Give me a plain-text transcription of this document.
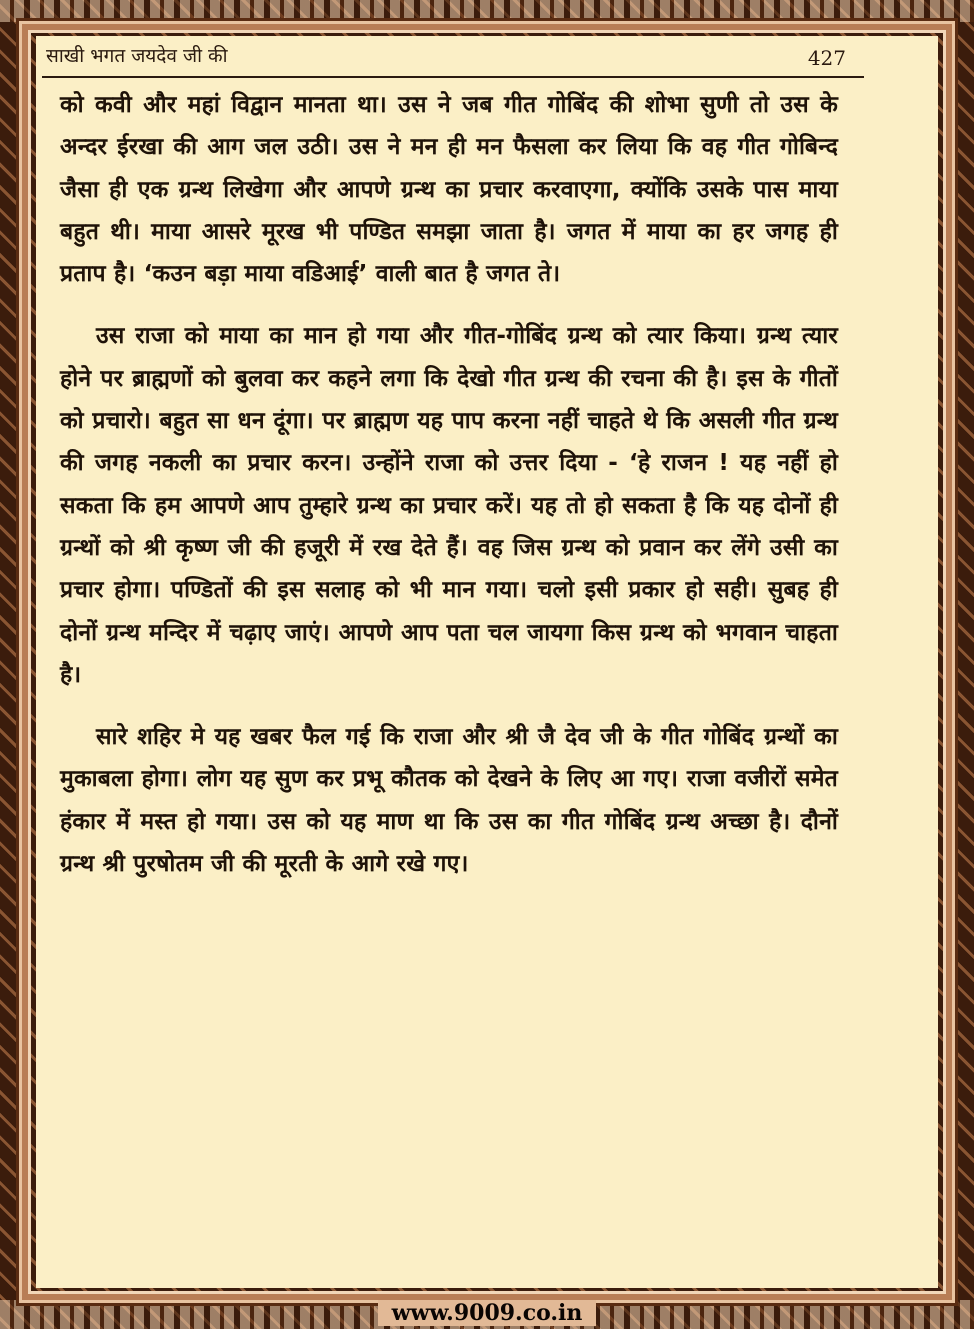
साखी भगत जयदेव जी की	427

को कवी और महां विद्वान मानता था। उस ने जब गीत गोबिंद की शोभा सुणी तो उस के अन्दर ईरखा की आग जल उठी। उस ने मन ही मन फैसला कर लिया कि वह गीत गोबिन्द जैसा ही एक ग्रन्थ लिखेगा और आपणे ग्रन्थ का प्रचार करवाएगा, क्योंकि उसके पास माया बहुत थी। माया आसरे मूरख भी पण्डित समझा जाता है। जगत में माया का हर जगह ही प्रताप है। ‘कउन बड़ा माया वडिआई’ वाली बात है जगत ते।

उस राजा को माया का मान हो गया और गीत-गोबिंद ग्रन्थ को त्यार किया। ग्रन्थ त्यार होने पर ब्राह्मणों को बुलवा कर कहने लगा कि देखो गीत ग्रन्थ की रचना की है। इस के गीतों को प्रचारो। बहुत सा धन दूंगा। पर ब्राह्मण यह पाप करना नहीं चाहते थे कि असली गीत ग्रन्थ की जगह नकली का प्रचार करन। उन्होंने राजा को उत्तर दिया - ‘हे राजन ! यह नहीं हो सकता कि हम आपणे आप तुम्हारे ग्रन्थ का प्रचार करें। यह तो हो सकता है कि यह दोनों ही ग्रन्थों को श्री कृष्ण जी की हजूरी में रख देते हैं। वह जिस ग्रन्थ को प्रवान कर लेंगे उसी का प्रचार होगा। पण्डितों की इस सलाह को भी मान गया। चलो इसी प्रकार हो सही। सुबह ही दोनों ग्रन्थ मन्दिर में चढ़ाए जाएं। आपणे आप पता चल जायगा किस ग्रन्थ को भगवान चाहता है।

सारे शहिर मे यह खबर फैल गई कि राजा और श्री जै देव जी के गीत गोबिंद ग्रन्थों का मुकाबला होगा। लोग यह सुण कर प्रभू कौतक को देखने के लिए आ गए। राजा वजीरों समेत हंकार में मस्त हो गया। उस को यह माण था कि उस का गीत गोबिंद ग्रन्थ अच्छा है। दौनों ग्रन्थ श्री पुरषोतम जी की मूरती के आगे रखे गए।

www.9009.co.in
